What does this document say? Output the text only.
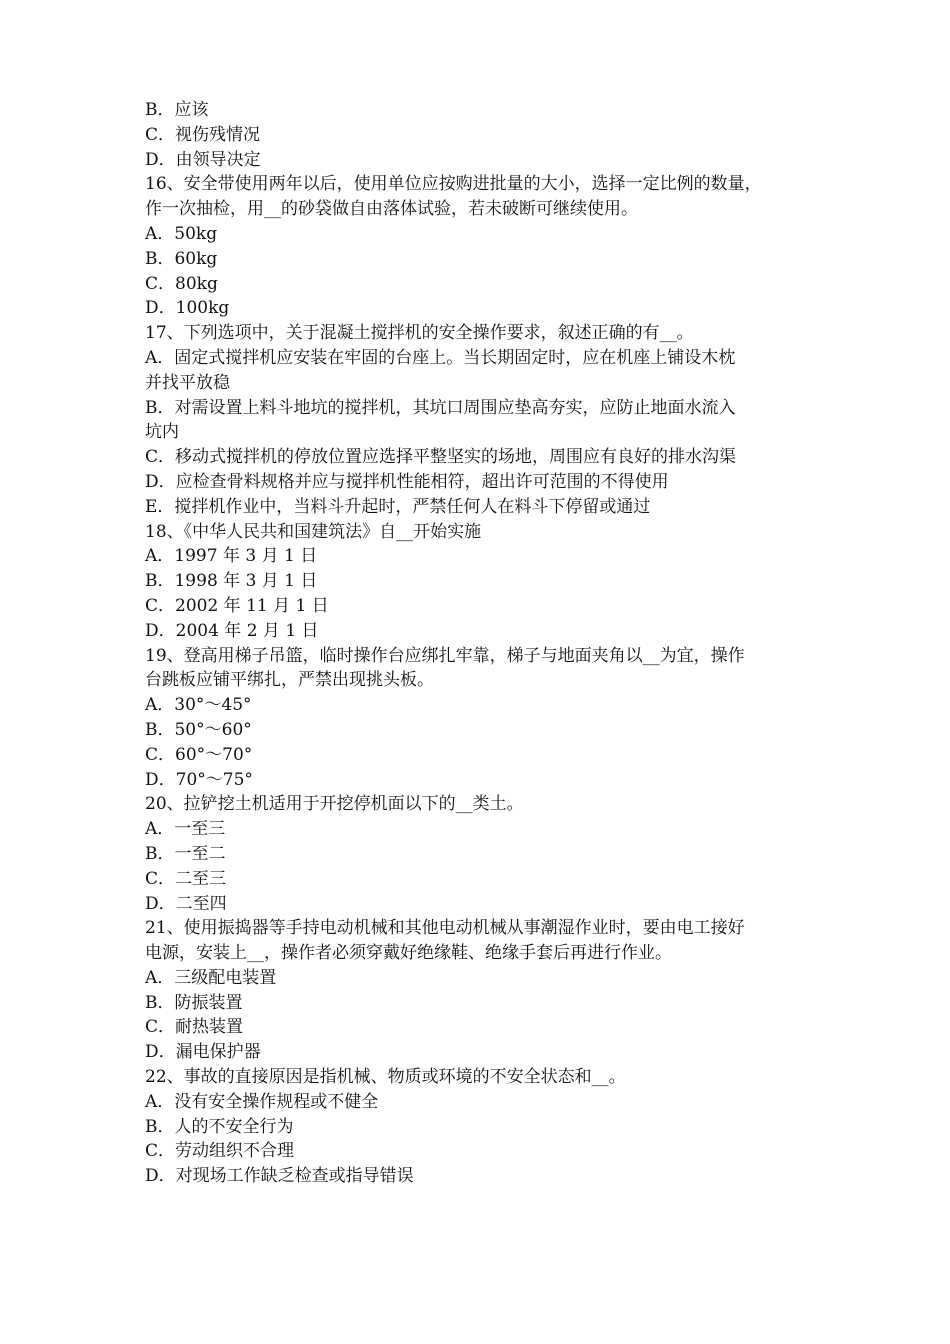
B．应该
C．视伤残情况
D．由领导决定
16、安全带使用两年以后，使用单位应按购进批量的大小，选择一定比例的数量，
作一次抽检，用__的砂袋做自由落体试验，若未破断可继续使用。
A．50kg
B．60kg
C．80kg
D．100kg
17、下列选项中，关于混凝土搅拌机的安全操作要求，叙述正确的有__。
A．固定式搅拌机应安装在牢固的台座上。当长期固定时，应在机座上铺设木枕
并找平放稳
B．对需设置上料斗地坑的搅拌机，其坑口周围应垫高夯实，应防止地面水流入
坑内
C．移动式搅拌机的停放位置应选择平整坚实的场地，周围应有良好的排水沟渠
D．应检查骨料规格并应与搅拌机性能相符，超出许可范围的不得使用
E．搅拌机作业中，当料斗升起时，严禁任何人在料斗下停留或通过
18、《中华人民共和国建筑法》自__开始实施
A．1997 年 3 月 1 日
B．1998 年 3 月 1 日
C．2002 年 11 月 1 日
D．2004 年 2 月 1 日
19、登高用梯子吊篮，临时操作台应绑扎牢靠，梯子与地面夹角以__为宜，操作
台跳板应铺平绑扎，严禁出现挑头板。
A．30°～45°
B．50°～60°
C．60°～70°
D．70°～75°
20、拉铲挖土机适用于开挖停机面以下的__类土。
A．一至三
B．一至二
C．二至三
D．二至四
21、使用振捣器等手持电动机械和其他电动机械从事潮湿作业时，要由电工接好
电源，安装上__，操作者必须穿戴好绝缘鞋、绝缘手套后再进行作业。
A．三级配电装置
B．防振装置
C．耐热装置
D．漏电保护器
22、事故的直接原因是指机械、物质或环境的不安全状态和__。
A．没有安全操作规程或不健全
B．人的不安全行为
C．劳动组织不合理
D．对现场工作缺乏检查或指导错误
